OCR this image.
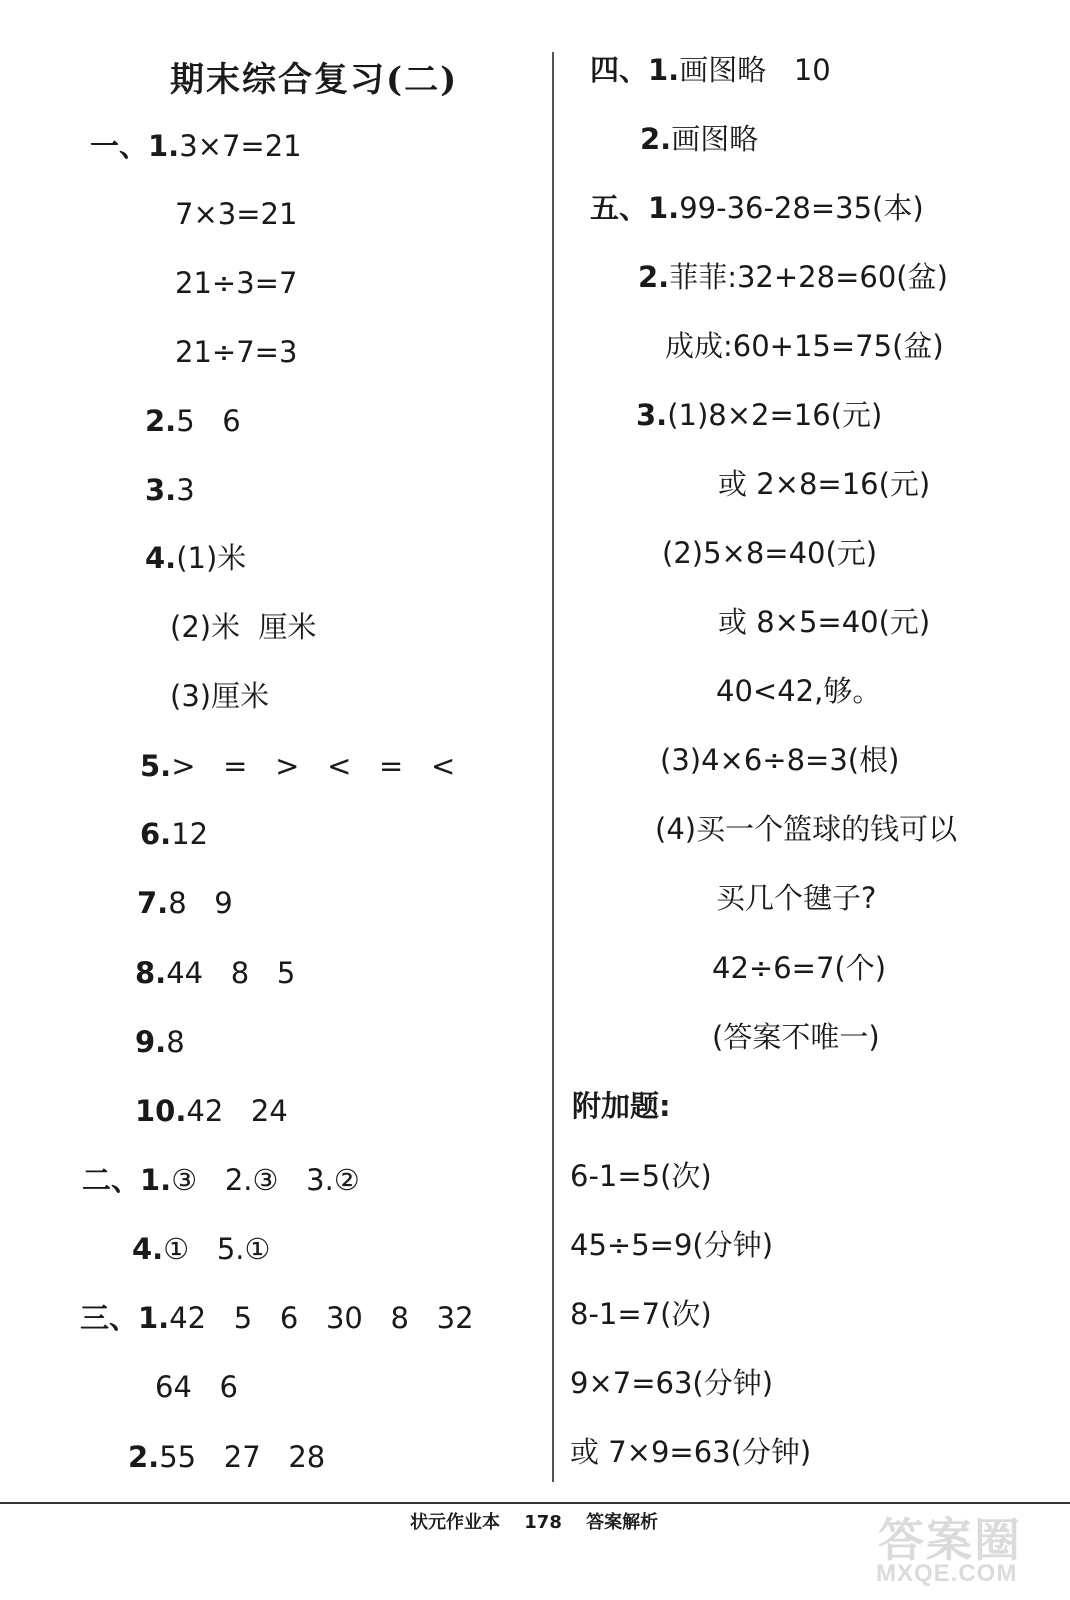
期末综合复习(二)
一、1.3×7=21
7×3=21
21÷3=7
21÷7=3
2.5   6
3.3
4.(1)米
(2)米  厘米
(3)厘米
5.>   =   >   <   =   <
6.12
7.8   9
8.44   8   5
9.8
10.42   24
二、1.③   2.③   3.②
4.①   5.①
三、1.42   5   6   30   8   32
64   6
2.55   27   28
四、1.画图略   10
2.画图略
五、1.99-36-28=35(本)
2.菲菲:32+28=60(盆)
成成:60+15=75(盆)
3.(1)8×2=16(元)
或 2×8=16(元)
(2)5×8=40(元)
或 8×5=40(元)
40<42,够。
(3)4×6÷8=3(根)
(4)买一个篮球的钱可以
买几个毽子?
42÷6=7(个)
(答案不唯一)
附加题:
6-1=5(次)
45÷5=9(分钟)
8-1=7(次)
9×7=63(分钟)
或 7×9=63(分钟)
状元作业本 178 答案解析	答案圈
MXQE.COM
